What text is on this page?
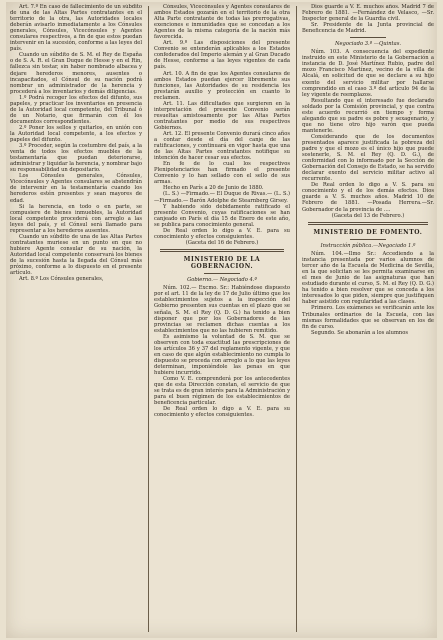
Art. 7.º En caso de fallecimiento de un súbdito de una de las Altas Partes contratantes en el territorio de la otra, las Autoridades locales deberán avisarlo inmediatamente a los Cónsules generales, Cónsules, Vicecónsules y Agentes consulares respectivos, a fin de que estos puedan intervenir en la sucesión, conforme a las leyes del país.

Cuando un súbdito de S. M. el Rey de España o de S. A. R. el Gran Duque de Hesse y en el Rin, fallezca sin testar, sin haber nombrado albacea y dejare herederos menores, ausentes o incapacitados, el Cónsul de su nación podrá nombrar un administrador de la herencia y procederá a los inventarios y demás diligencias.

1.º Podrá recoger los efectos del difunto, sus papeles, y practicar los inventarios en presencia de la Autoridad local competente, del Tribunal ó de un Notario, que firmarán con él los documentos correspondientes.

2.º Poner los sellos y quitarlos, en unión con la Autoridad local competente, a los efectos y papeles del difunto.

3.º Proceder, según la costumbre del país, a la venta de todos los efectos muebles de la testamentaría que puedan deteriorarse, administrar y liquidar la herencia, y nombrar bajo su responsabilidad un depositario.

Los Cónsules generales, Cónsules, Vicecónsules y Agentes consulares se abstendrán de intervenir en la testamentaría cuando los herederos estén presentes y sean mayores de edad.

Si la herencia, en todo o en parte, se compusiere de bienes inmuebles, la Autoridad local competente procederá con arreglo a las leyes del país, y el Cónsul será llamado para representar a los herederos ausentes.

Cuando un súbdito de una de las Altas Partes contratantes muriese en un punto en que no hubiere Agente consular de su nación, la Autoridad local competente conservará los bienes de la sucesión hasta la llegada del Cónsul más próximo, conforme a lo dispuesto en el presente artículo.

Art. 8.º Los Cónsules generales,

Cónsules, Vicecónsules y Agentes consulares de ambos Estados gozarán en el territorio de la otra Alta Parte contratante de todas las prerrogativas, exenciones e inmunidades que se concedan a los Agentes de la misma categoría de la nación más favorecida.

Art. 9.º Las disposiciones del presente Convenio se entenderán aplicables a los Estados confederados del Imperio alemán y al Gran Ducado de Hesse, conforme a las leyes vigentes de cada país.

Art. 10. A fin de que los Agentes consulares de ambos Estados puedan ejercer libremente sus funciones, las Autoridades de su residencia les prestarán auxilio y protección en cuanto lo reclamen.

Art. 11. Las dificultades que surgieren en la interpretación del presente Convenio serán resueltas amistosamente por las Altas Partes contratantes por medio de sus respectivos Gobiernos.

Art. 12. El presente Convenio durará cinco años a contar desde el día del canje de las ratificaciones, y continuará en vigor hasta que una de las Altas Partes contratantes notifique su intención de hacer cesar sus efectos.

En fe de lo cual los respectivos Plenipotenciarios han firmado el presente Convenio y lo han sellado con el sello de sus armas.

Hecho en París a 20 de Junio de 1880.

(L. S.) —Firmado.— El Duque de Rivas.— (L. S.) —Firmado.— Barón Adolphe de Stearnberg Girsey.

Y habiendo sido debidamente ratificado el presente Convenio, cuyas ratificaciones se han canjeado en París el día 15 de Enero de este año, se publica para conocimiento general.

De Real orden lo digo a V. E. para su conocimiento y efectos consiguientes.

(Gaceta del 16 de Febrero.)

MINISTERIO DE LA GOBERNACION.

Gobierno.— Negociado 4.º

Núm. 102.— Excmo. Sr.: Habiéndose dispuesto por el art. 11 de la ley de 17 de Julio último que los establecimientos sujetos a la inspección del Gobierno presenten sus cuentas en el plazo que se señala, S. M. el Rey (Q. D. G.) ha tenido a bien disponer que por los Gobernadores de las provincias se reclamen dichas cuentas a los establecimientos que no las hubieren remitido.

Es asimismo la voluntad de S. M. que se observen con toda exactitud las prescripciones de los artículos 36 y 37 del reglamento vigente, y que en caso de que algún establecimiento no cumpla lo dispuesto se proceda con arreglo a lo que las leyes determinan, imponiéndole las penas en que hubiere incurrido.

Como V. E. comprenderá por los antecedentes que de esta Dirección constan, el servicio de que se trata es de gran interés para la Administración y para el buen régimen de los establecimientos de beneficencia particular.

De Real orden lo digo a V. E. para su conocimiento y efectos consiguientes.

Dios guarde a V. E. muchos años. Madrid 7 de Febrero de 1881. —Fernández de Velasco, —Sr. Inspector general de la Guardia civil.

Sr. Presidente de la Junta provincial de Beneficencia de Madrid.

Negociado 3.º —Quintas.

Núm. 103. A consecuencia del expediente instruido en este Ministerio de la Gobernación a instancia de D. José Martínez Rubio, padre del mozo Francisco Martínez, vecino de la villa de Alcalá, en solicitud de que se declare a su hijo exento del servicio militar por hallarse comprendido en el caso 3.º del artículo 94 de la ley vigente de reemplazos.

Resultando que el interesado fue declarado soldado por la Comisión provincial, y que contra este acuerdo recurrió en tiempo y forma alegando que su padre es pobre y sexagenario, y que no tiene otro hijo varón que pueda mantenerle.

Considerando que de los documentos presentados aparece justificada la pobreza del padre y que el mozo es el único hijo que puede sostenerle, S. M. el Rey (Q. D. G.), de conformidad con lo informado por la Sección de Gobernación del Consejo de Estado, se ha servido declarar exento del servicio militar activo al recurrente.

De Real orden lo digo a V. S. para su conocimiento y el de los demás efectos. Dios guarde a V. S. muchos años. Madrid 10 de Febrero de 1881. —Posada Herrera.—Sr. Gobernador de la provincia de ....

(Gaceta del 13 de Febrero.)

MINISTERIO DE FOMENTO.

Instrucción pública.—Negociado 1.º

Núm. 104.—Ilmo Sr.: Accediendo a la instancia presentada por varios alumnos de tercer año de la Escuela de Medicina de Sevilla, en la que solicitan se les permita examinarse en el mes de Junio de las asignaturas que han estudiado durante el curso, S. M. el Rey (Q. D. G.) ha tenido a bien resolver que se conceda a los interesados lo que piden, siempre que justifiquen haber asistido con regularidad a las clases.

Primero. Los exámenes se verificarán ante los Tribunales ordinarios de la Escuela, con las mismas formalidades que se observan en los de fin de curso.

Segundo. Se abonarán a los alumnos
